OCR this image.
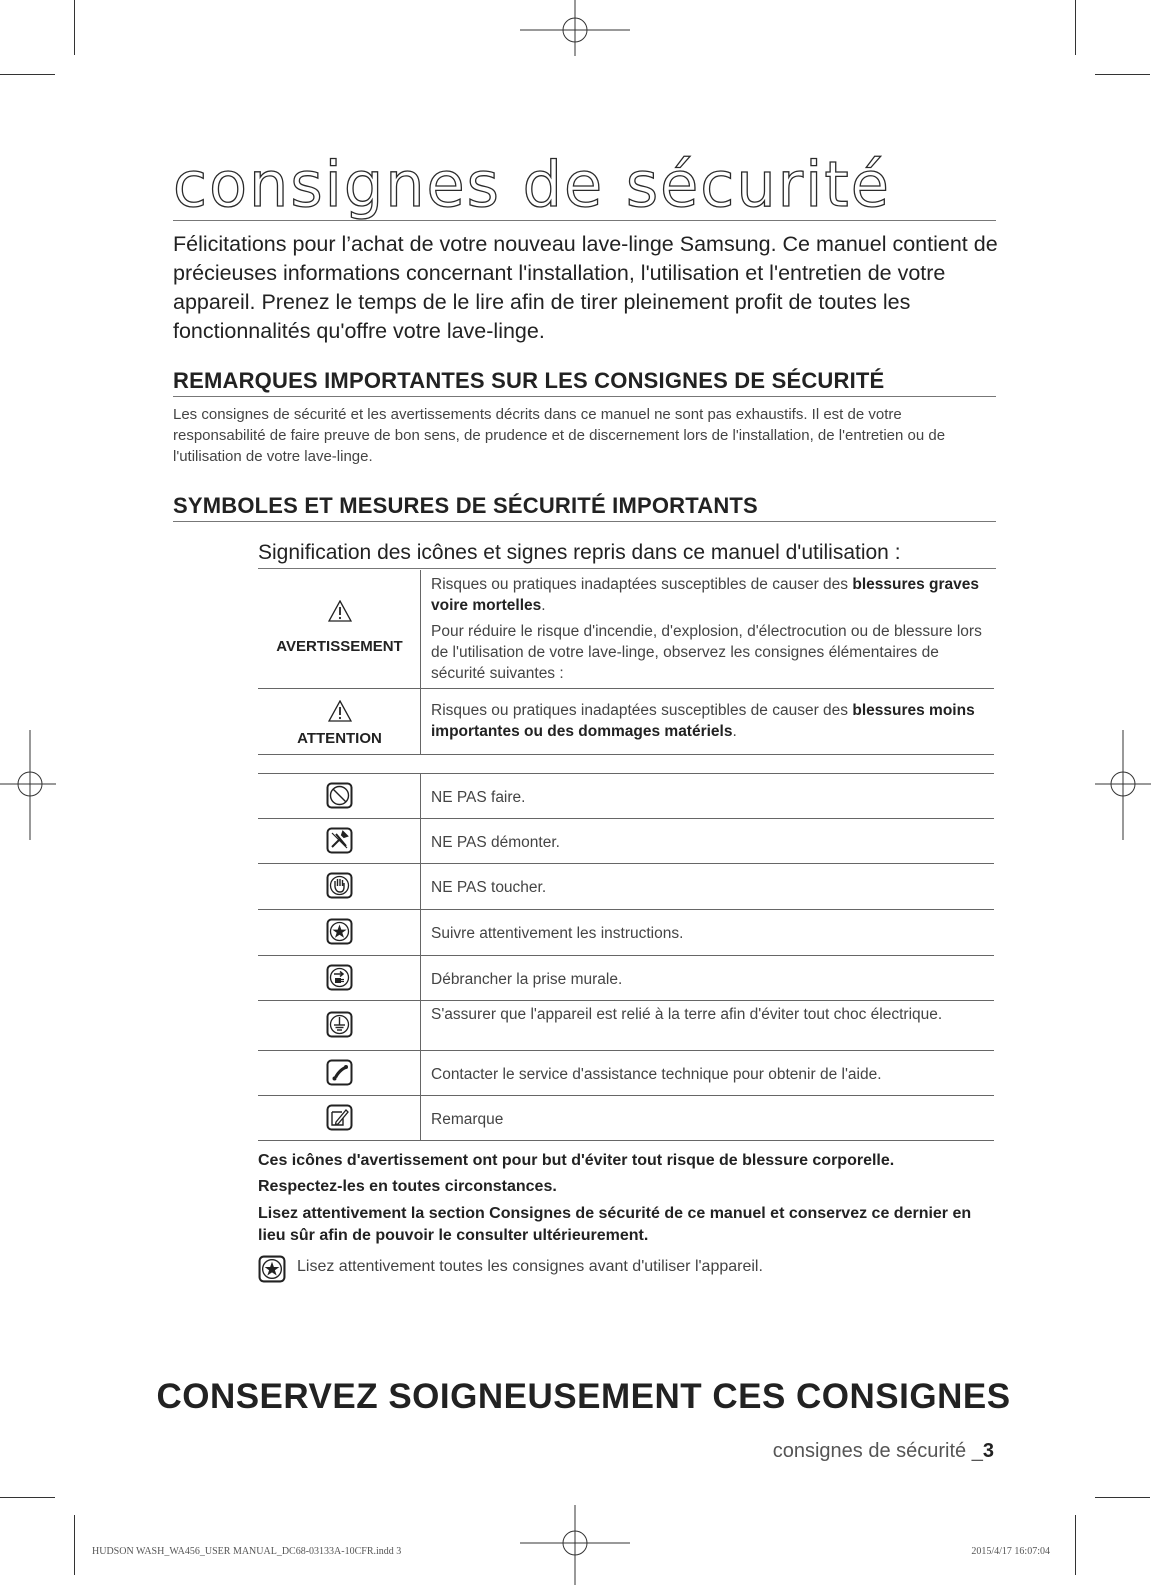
consignes de sécurité
Félicitations pour l’achat de votre nouveau lave-linge Samsung. Ce manuel contient de précieuses informations concernant l'installation, l'utilisation et l'entretien de votre appareil. Prenez le temps de le lire afin de tirer pleinement profit de toutes les fonctionnalités qu'offre votre lave-linge.
REMARQUES IMPORTANTES SUR LES CONSIGNES DE SÉCURITÉ
Les consignes de sécurité et les avertissements décrits dans ce manuel ne sont pas exhaustifs. Il est de votre responsabilité de faire preuve de bon sens, de prudence et de discernement lors de l'installation, de l'entretien ou de l'utilisation de votre lave-linge.
SYMBOLES ET MESURES DE SÉCURITÉ IMPORTANTS
Signification des icônes et signes repris dans ce manuel d'utilisation :
AVERTISSEMENT
Risques ou pratiques inadaptées susceptibles de causer des blessures graves voire mortelles.
Pour réduire le risque d'incendie, d'explosion, d'électrocution ou de blessure lors de l'utilisation de votre lave-linge, observez les consignes élémentaires de sécurité suivantes :
ATTENTION
Risques ou pratiques inadaptées susceptibles de causer des blessures moins importantes ou des dommages matériels.
NE PAS faire.
NE PAS démonter.
NE PAS toucher.
Suivre attentivement les instructions.
Débrancher la prise murale.
S'assurer que l'appareil est relié à la terre afin d'éviter tout choc électrique.
Contacter le service d'assistance technique pour obtenir de l'aide.
Remarque
Ces icônes d'avertissement ont pour but d'éviter tout risque de blessure corporelle.
Respectez-les en toutes circonstances.
Lisez attentivement la section Consignes de sécurité de ce manuel et conservez ce dernier en lieu sûr afin de pouvoir le consulter ultérieurement.
Lisez attentivement toutes les consignes avant d'utiliser l'appareil.
CONSERVEZ SOIGNEUSEMENT CES CONSIGNES
consignes de sécurité _3
HUDSON WASH_WA456_USER MANUAL_DC68-03133A-10CFR.indd 3	2015/4/17 16:07:04
